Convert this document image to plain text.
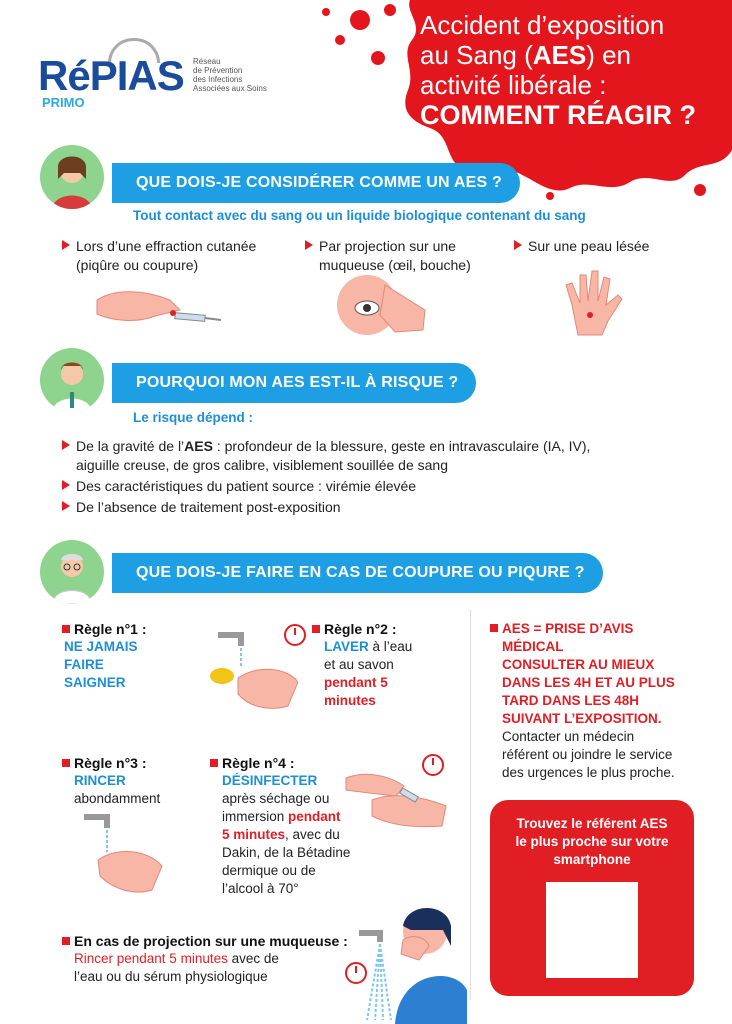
RéPIAS
PRIMO
Réseau
de Prévention
des Infections
Associées aux Soins
Accident d’exposition
au Sang (AES) en
activité libérale :
COMMENT RÉAGIR ?
QUE DOIS-JE CONSIDÉRER COMME UN AES ?
Tout contact avec du sang ou un liquide biologique contenant du sang
Lors d’une effraction cutanée
(piqûre ou coupure)
Par projection sur une
muqueuse (œil, bouche)
Sur une peau lésée
POURQUOI MON AES EST-IL À RISQUE ?
Le risque dépend :
De la gravité de l’AES : profondeur de la blessure, geste en intravasculaire (IA, IV),
aiguille creuse, de gros calibre, visiblement souillée de sang
Des caractéristiques du patient source : virémie élevée
De l’absence de traitement post-exposition
QUE DOIS-JE FAIRE EN CAS DE COUPURE OU PIQURE ?
Règle n°1 :
NE JAMAIS
FAIRE
SAIGNER
Règle n°2 :
LAVER à l’eau
et au savon
pendant 5
minutes
Règle n°3 :
RINCER
abondamment
Règle n°4 :
DÉSINFECTER
après séchage ou
immersion pendant
5 minutes, avec du
Dakin, de la Bétadine
dermique ou de
l’alcool à 70°
En cas de projection sur une muqueuse :
Rincer pendant 5 minutes avec de
l’eau ou du sérum physiologique
AES = PRISE D’AVIS
MÉDICAL
CONSULTER AU MIEUX
DANS LES 4H ET AU PLUS
TARD DANS LES 48H
SUIVANT L’EXPOSITION.
Contacter un médecin
référent ou joindre le service
des urgences le plus proche.
Trouvez le référent AES
le plus proche sur votre
smartphone
